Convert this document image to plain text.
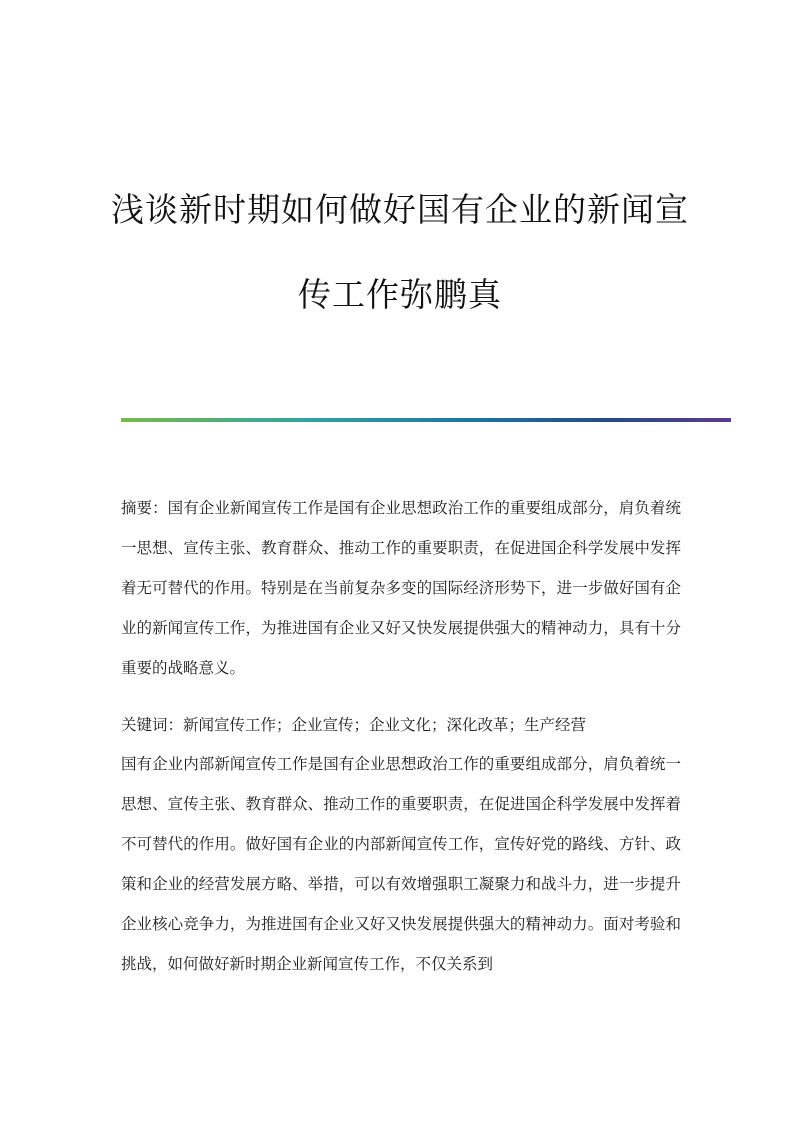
浅谈新时期如何做好国有企业的新闻宣
传工作弥鹏真
摘要：国有企业新闻宣传工作是国有企业思想政治工作的重要组成部分，肩负着统一思想、宣传主张、教育群众、推动工作的重要职责，在促进国企科学发展中发挥着无可替代的作用。特别是在当前复杂多变的国际经济形势下，进一步做好国有企业的新闻宣传工作，为推进国有企业又好又快发展提供强大的精神动力，具有十分重要的战略意义。
关键词：新闻宣传工作；企业宣传；企业文化；深化改革；生产经营
国有企业内部新闻宣传工作是国有企业思想政治工作的重要组成部分，肩负着统一思想、宣传主张、教育群众、推动工作的重要职责，在促进国企科学发展中发挥着不可替代的作用。做好国有企业的内部新闻宣传工作，宣传好党的路线、方针、政策和企业的经营发展方略、举措，可以有效增强职工凝聚力和战斗力，进一步提升企业核心竞争力，为推进国有企业又好又快发展提供强大的精神动力。面对考验和挑战，如何做好新时期企业新闻宣传工作，不仅关系到
